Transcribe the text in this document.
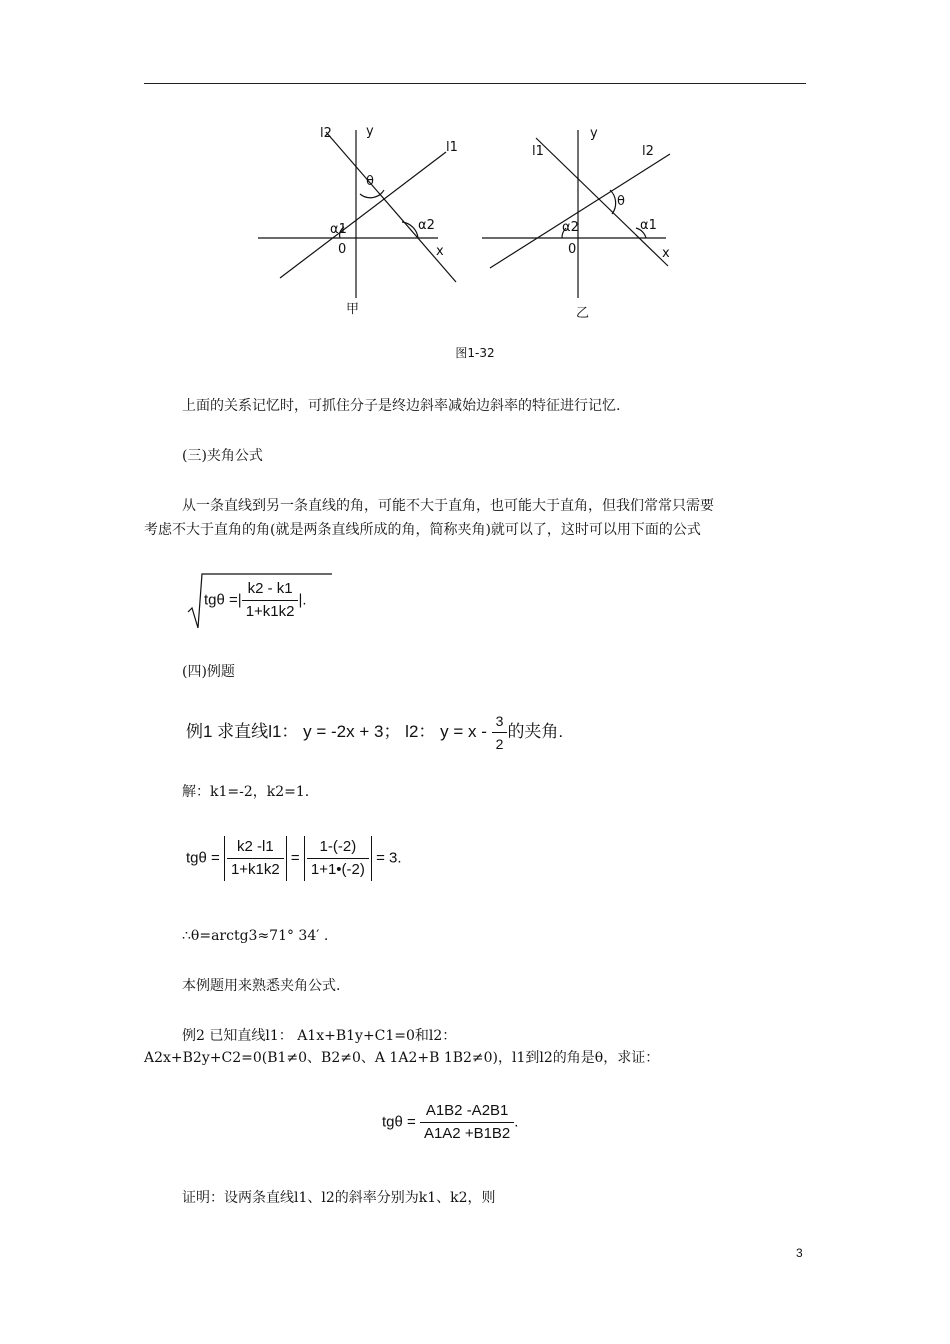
l2	y
l1
θ
α2
α1
0	x
甲
l1
y
l2
θ
α2	α1
0	x
乙
图1-32
上面的关系记忆时，可抓住分子是终边斜率减始边斜率的特征进行记忆.
(三)夹角公式
从一条直线到另一条直线的角，可能不大于直角，也可能大于直角，但我们常常只需要
考虑不大于直角的角(就是两条直线所成的角，简称夹角)就可以了，这时可以用下面的公式
tgθ =| $\frac{k2 - k1}{1+k1k2}$ |.
(四)例题
例1 求直线l1： y = -2x + 3； l2： $y = x - \frac{3}{2}$ 的夹角.
解：k1=-2，k2=1.
$tg\theta = \frac{k2 -l1}{1+k1k2} = \frac{1-(-2)}{1+1•(-2)} = 3$.
∴θ=arctg3≈71° 34′ .
本例题用来熟悉夹角公式.
例2 已知直线l1： A1x+B1y+C1=0和l2：
A2x+B2y+C2=0(B1≠0、B2≠0、A 1A2+B 1B2≠0)，l1到l2的角是θ，求证：
$tg\theta = \frac{A1B2 -A2B1}{A1A2 +B1B2}$ .
证明：设两条直线l1、l2的斜率分别为k1、k2，则
3
